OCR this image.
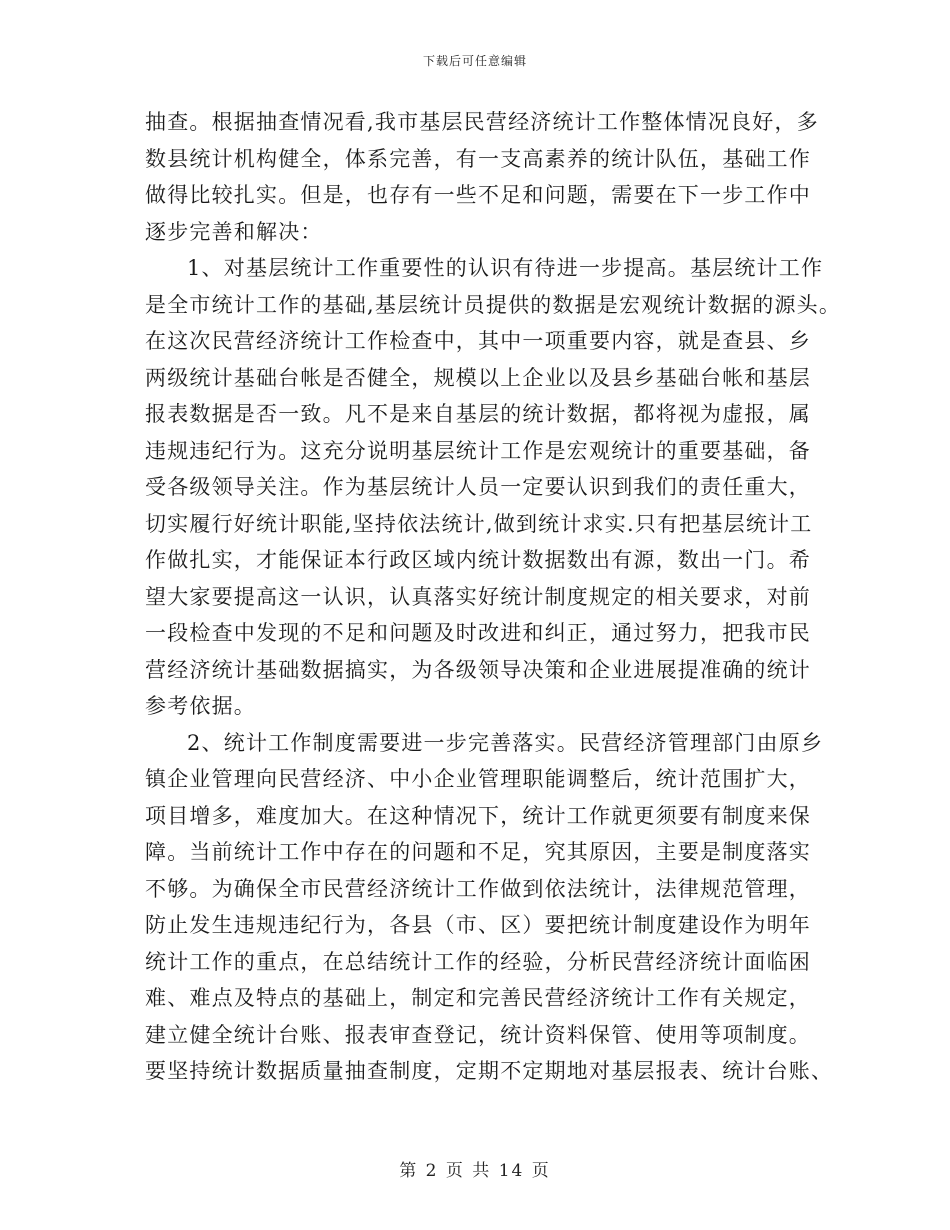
下载后可任意编辑
抽查。根据抽查情况看,我市基层民营经济统计工作整体情况良好，多
数县统计机构健全，体系完善，有一支高素养的统计队伍，基础工作
做得比较扎实。但是，也存有一些不足和问题，需要在下一步工作中
逐步完善和解决：
1、对基层统计工作重要性的认识有待进一步提高。基层统计工作
是全市统计工作的基础,基层统计员提供的数据是宏观统计数据的源头。
在这次民营经济统计工作检查中，其中一项重要内容，就是查县、乡
两级统计基础台帐是否健全，规模以上企业以及县乡基础台帐和基层
报表数据是否一致。凡不是来自基层的统计数据，都将视为虚报，属
违规违纪行为。这充分说明基层统计工作是宏观统计的重要基础，备
受各级领导关注。作为基层统计人员一定要认识到我们的责任重大，
切实履行好统计职能,坚持依法统计,做到统计求实.只有把基层统计工
作做扎实，才能保证本行政区域内统计数据数出有源，数出一门。希
望大家要提高这一认识，认真落实好统计制度规定的相关要求，对前
一段检查中发现的不足和问题及时改进和纠正，通过努力，把我市民
营经济统计基础数据搞实，为各级领导决策和企业进展提准确的统计
参考依据。
2、统计工作制度需要进一步完善落实。民营经济管理部门由原乡
镇企业管理向民营经济、中小企业管理职能调整后，统计范围扩大，
项目增多，难度加大。在这种情况下，统计工作就更须要有制度来保
障。当前统计工作中存在的问题和不足，究其原因，主要是制度落实
不够。为确保全市民营经济统计工作做到依法统计，法律规范管理，
防止发生违规违纪行为，各县（市、区）要把统计制度建设作为明年
统计工作的重点，在总结统计工作的经验，分析民营经济统计面临困
难、难点及特点的基础上，制定和完善民营经济统计工作有关规定，
建立健全统计台账、报表审查登记，统计资料保管、使用等项制度。
要坚持统计数据质量抽查制度，定期不定期地对基层报表、统计台账、
第 2 页 共 14 页
